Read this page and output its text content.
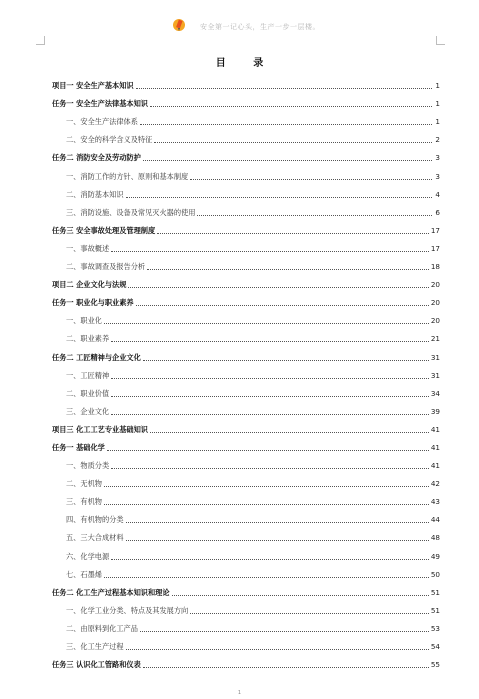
安全第一记心头，生产一步一层楼。
目 录
项目一 安全生产基本知识	1
任务一 安全生产法律基本知识	1
一、安全生产法律体系	1
二、安全的科学含义及特征	2
任务二 消防安全及劳动防护	3
一、消防工作的方针、原则和基本制度	3
二、消防基本知识	4
三、消防设施、设备及常见灭火器的使用	6
任务三 安全事故处理及管理制度	17
一、事故概述	17
二、事故调查及报告分析	18
项目二 企业文化与法规	20
任务一 职业化与职业素养	20
一、职业化	20
二、职业素养	21
任务二 工匠精神与企业文化	31
一、工匠精神	31
二、职业价值	34
三、企业文化	39
项目三 化工工艺专业基础知识	41
任务一 基础化学	41
一、物质分类	41
二、无机物	42
三、有机物	43
四、有机物的分类	44
五、三大合成材料	48
六、化学电源	49
七、石墨烯	50
任务二 化工生产过程基本知识和理论	51
一、化学工业分类、特点及其发展方向	51
二、由原料到化工产品	53
三、化工生产过程	54
任务三 认识化工管路和仪表	55
1
